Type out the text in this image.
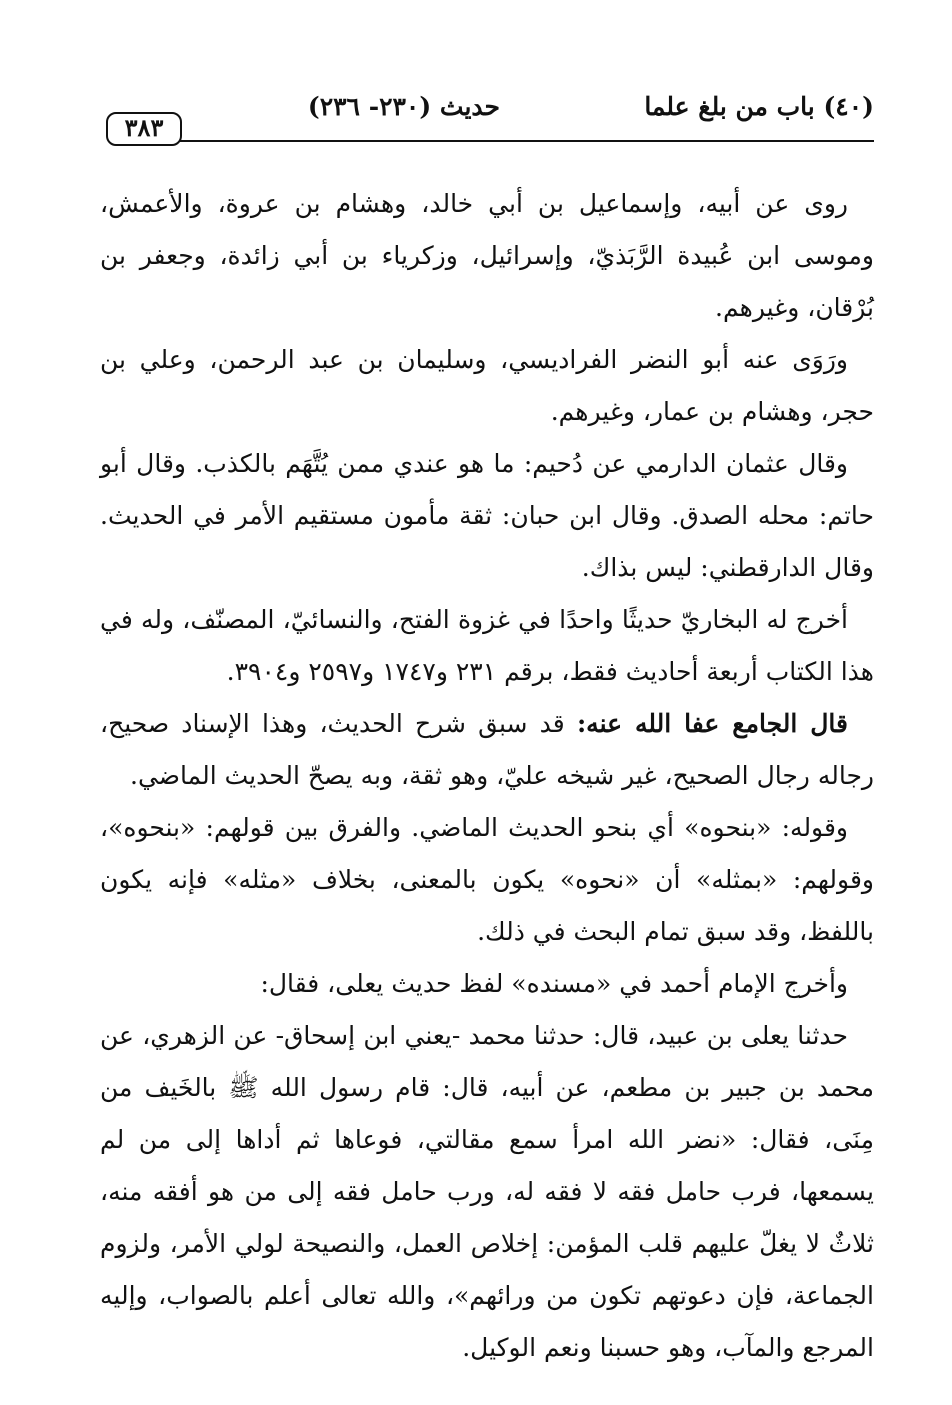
(٤٠) باب من بلغ علما
حديث (٢٣٠- ٢٣٦)
٣٨٣

روى عن أبيه، وإسماعيل بن أبي خالد، وهشام بن عروة، والأعمش، وموسى ابن عُبيدة الرَّبَذيّ، وإسرائيل، وزكرياء بن أبي زائدة، وجعفر بن بُرْقان، وغيرهم.

ورَوَى عنه أبو النضر الفراديسي، وسليمان بن عبد الرحمن، وعلي بن حجر، وهشام بن عمار، وغيرهم.

وقال عثمان الدارمي عن دُحيم: ما هو عندي ممن يُتَّهَم بالكذب. وقال أبو حاتم: محله الصدق. وقال ابن حبان: ثقة مأمون مستقيم الأمر في الحديث. وقال الدارقطني: ليس بذاك.

أخرج له البخاريّ حديثًا واحدًا في غزوة الفتح، والنسائيّ، المصنّف، وله في هذا الكتاب أربعة أحاديث فقط، برقم ٢٣١ و١٧٤٧ و٢٥٩٧ و٣٩٠٤.

قال الجامع عفا الله عنه: قد سبق شرح الحديث، وهذا الإسناد صحيح، رجاله رجال الصحيح، غير شيخه عليّ، وهو ثقة، وبه يصحّ الحديث الماضي.

وقوله: «بنحوه» أي بنحو الحديث الماضي. والفرق بين قولهم: «بنحوه»، وقولهم: «بمثله» أن «نحوه» يكون بالمعنى، بخلاف «مثله» فإنه يكون باللفظ، وقد سبق تمام البحث في ذلك.

وأخرج الإمام أحمد في «مسنده» لفظ حديث يعلى، فقال:

حدثنا يعلى بن عبيد، قال: حدثنا محمد -يعني ابن إسحاق- عن الزهري، عن محمد بن جبير بن مطعم، عن أبيه، قال: قام رسول الله ﷺ بالخَيف من مِنَى، فقال: «نضر الله امرأ سمع مقالتي، فوعاها ثم أداها إلى من لم يسمعها، فرب حامل فقه لا فقه له، ورب حامل فقه إلى من هو أفقه منه، ثلاثٌ لا يغلّ عليهم قلب المؤمن: إخلاص العمل، والنصيحة لولي الأمر، ولزوم الجماعة، فإن دعوتهم تكون من ورائهم»، والله تعالى أعلم بالصواب، وإليه المرجع والمآب، وهو حسبنا ونعم الوكيل.
